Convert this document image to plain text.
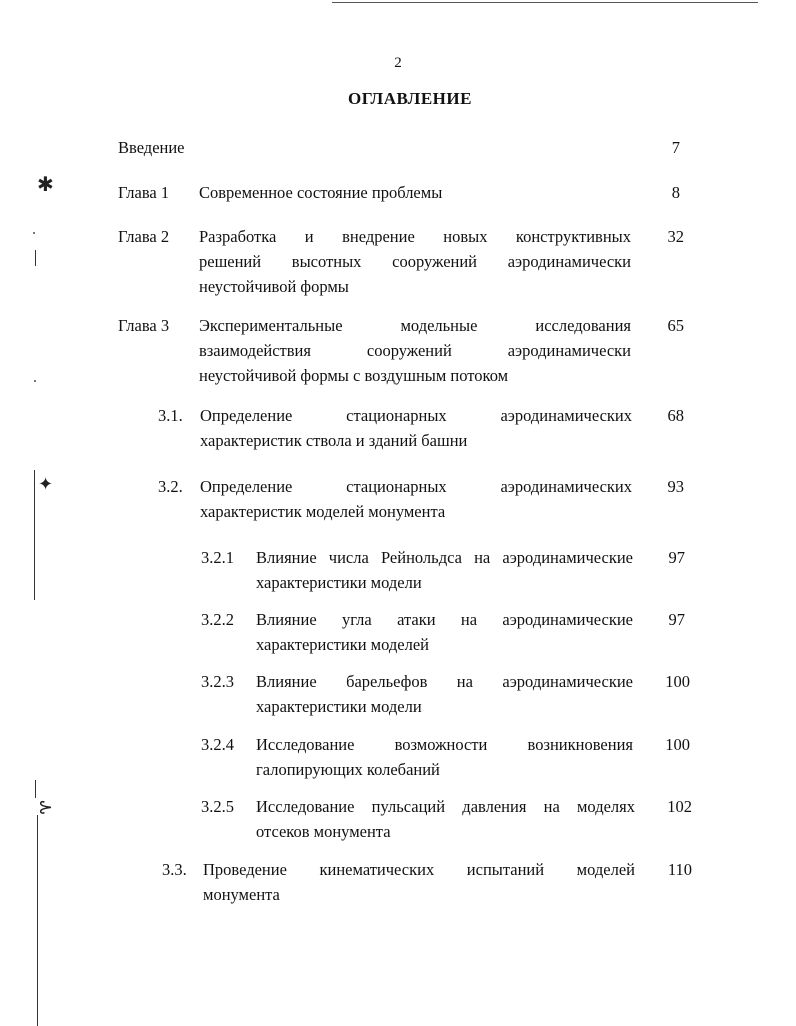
✱
✦
⊱
2
ОГЛАВЛЕНИЕ
Введение	7
Глава 1 Современное состояние проблемы	8
Глава 2 Разработка и внедрение новых конструктивных
решений высотных сооружений аэродинамически
неустойчивой формы
32
Глава 3 Экспериментальные модельные исследования
взаимодействия сооружений аэродинамически
неустойчивой формы с воздушным потоком
65
3.1. Определение стационарных аэродинамических
характеристик ствола и зданий башни
68
3.2. Определение стационарных аэродинамических
характеристик моделей монумента
93
3.2.1 Влияние числа Рейнольдса на аэродинамические
характеристики модели
97
3.2.2 Влияние угла атаки на аэродинамические
характеристики моделей
97
3.2.3 Влияние барельефов на аэродинамические
характеристики модели
100
3.2.4 Исследование возможности возникновения
галопирующих колебаний
100
3.2.5 Исследование пульсаций давления на моделях
отсеков монумента
102
3.3. Проведение кинематических испытаний моделей
монумента
110
